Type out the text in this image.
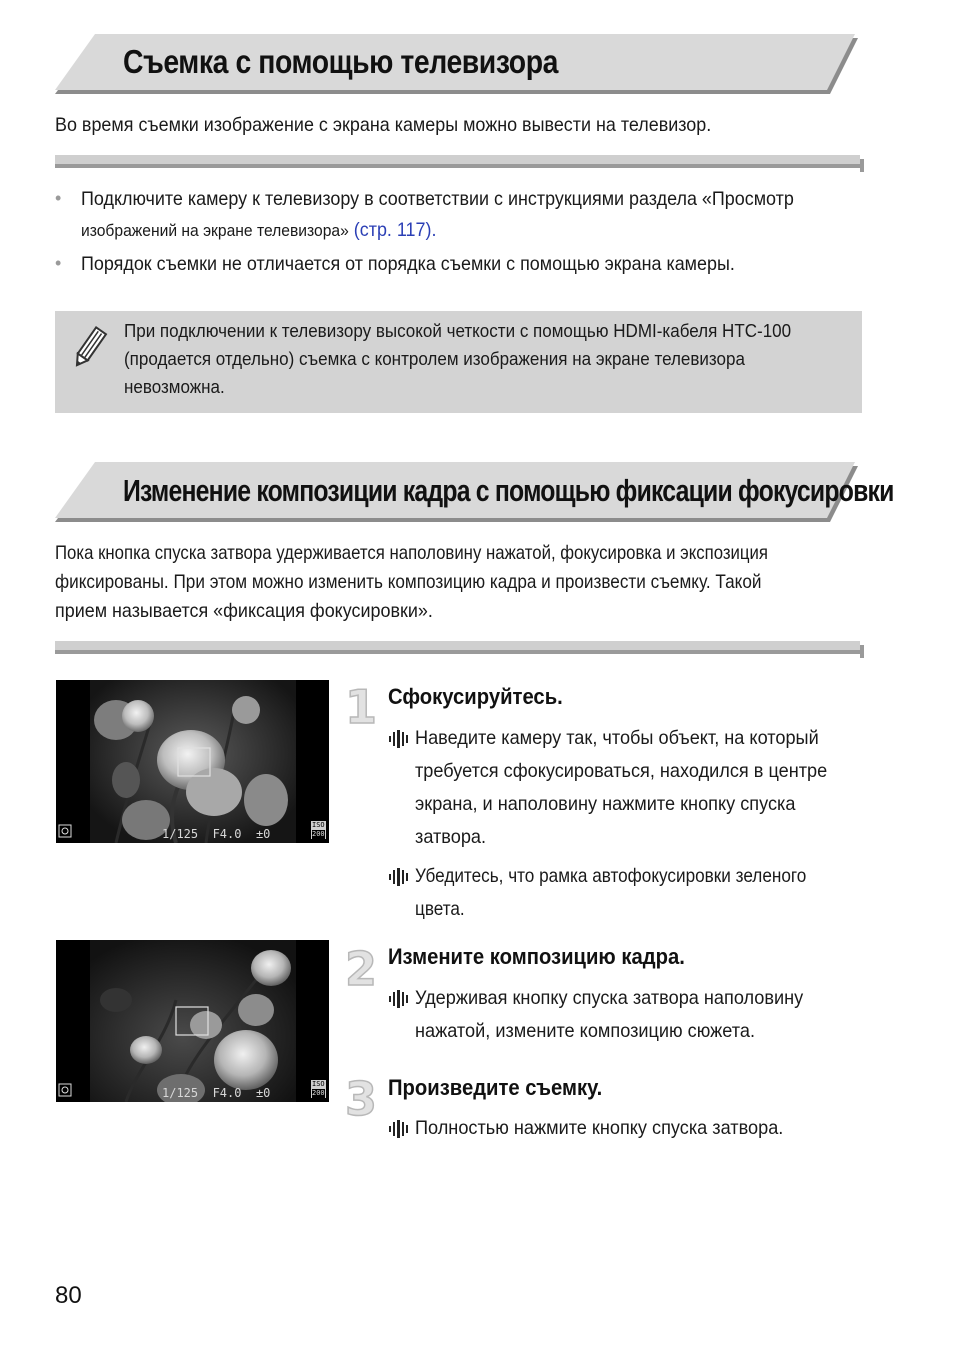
Съемка с помощью телевизора
Во время съемки изображение с экрана камеры можно вывести на телевизор.
• Подключите камеру к телевизору в соответствии с инструкциями раздела «Просмотр
изображений на экране телевизора» (стр. 117).
• Порядок съемки не отличается от порядка съемки с помощью экрана камеры.
При подключении к телевизору высокой четкости с помощью HDMI-кабеля HTC-100
(продается отдельно) съемка с контролем изображения на экране телевизора
невозможна.
Изменение композиции кадра с помощью фиксации фокусировки
Пока кнопка спуска затвора удерживается наполовину нажатой, фокусировка и экспозиция
фиксированы. При этом можно изменить композицию кадра и произвести съемку. Такой
прием называется «фиксация фокусировки».
1/125 F4.0 ±0
ISO
200
1/125 F4.0 ±0
ISO
200
1 Сфокусируйтесь.
Наведите камеру так, чтобы объект, на который
требуется сфокусироваться, находился в центре
экрана, и наполовину нажмите кнопку спуска
затвора.
Убедитесь, что рамка автофокусировки зеленого
цвета.
2 Измените композицию кадра.
Удерживая кнопку спуска затвора наполовину
нажатой, измените композицию сюжета.
3 Произведите съемку.
Полностью нажмите кнопку спуска затвора.
80
